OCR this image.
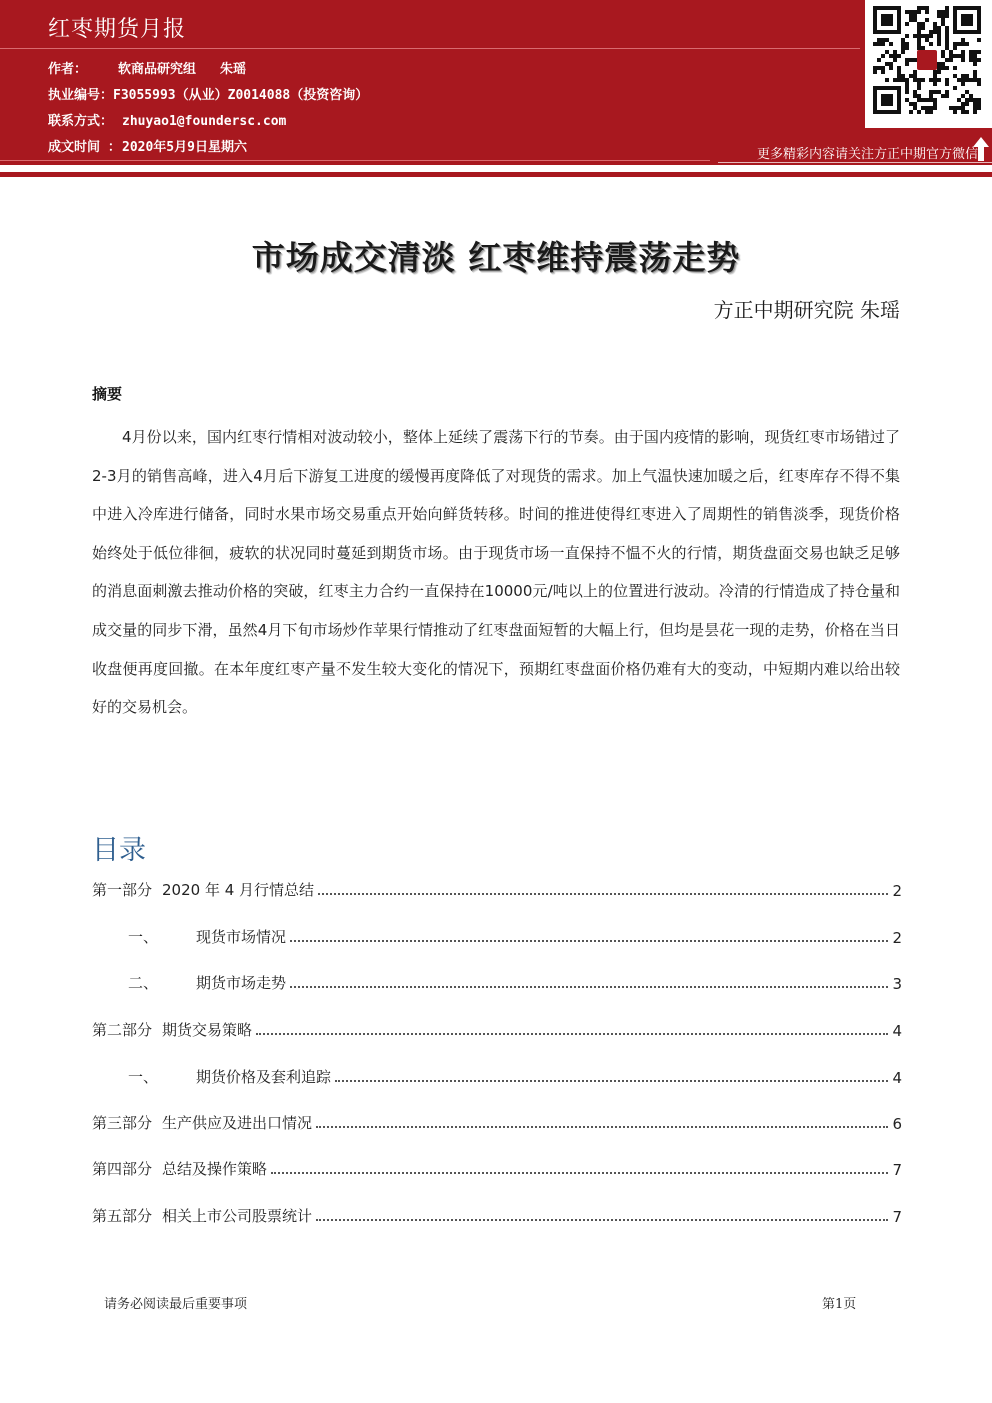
红枣期货月报
作者： 软商品研究组 朱瑶
执业编号：F3055993（从业）Z0014088（投资咨询）
联系方式： zhuyao1@foundersc.com
成文时间 ：2020年5月9日星期六	更多精彩内容请关注方正中期官方微信
市场成交清淡 红枣维持震荡走势
方正中期研究院 朱瑶
摘要
4月份以来，国内红枣行情相对波动较小，整体上延续了震荡下行的节奏。由于国内疫情的影响，现货红枣市场错过了2-3月的销售高峰，进入4月后下游复工进度的缓慢再度降低了对现货的需求。加上气温快速加暖之后，红枣库存不得不集中进入冷库进行储备，同时水果市场交易重点开始向鲜货转移。时间的推进使得红枣进入了周期性的销售淡季，现货价格始终处于低位徘徊，疲软的状况同时蔓延到期货市场。由于现货市场一直保持不愠不火的行情，期货盘面交易也缺乏足够的消息面刺激去推动价格的突破，红枣主力合约一直保持在10000元/吨以上的位置进行波动。冷清的行情造成了持仓量和成交量的同步下滑，虽然4月下旬市场炒作苹果行情推动了红枣盘面短暂的大幅上行，但均是昙花一现的走势，价格在当日收盘便再度回撤。在本年度红枣产量不发生较大变化的情况下，预期红枣盘面价格仍难有大的变动，中短期内难以给出较好的交易机会。
目录
第一部分 2020 年 4 月行情总结	2
一、	现货市场情况	2
二、	期货市场走势	3
第二部分 期货交易策略	4
一、	期货价格及套利追踪	4
第三部分 生产供应及进出口情况	6
第四部分 总结及操作策略	7
第五部分 相关上市公司股票统计	7
请务必阅读最后重要事项	第1页
